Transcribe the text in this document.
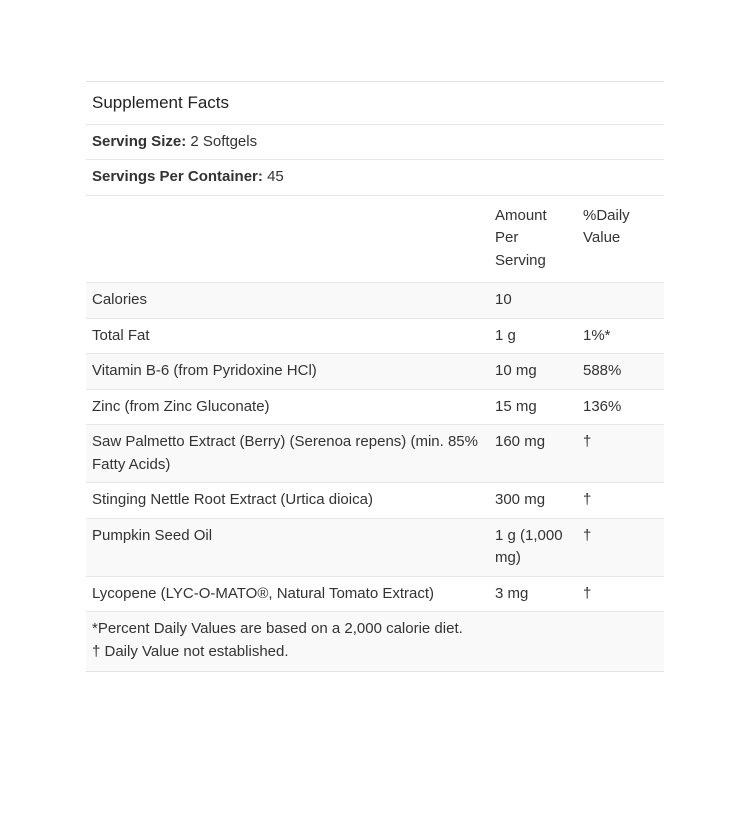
Supplement Facts		
Serving Size: 2 Softgels		
Servings Per Container: 45		
	Amount Per Serving	%Daily Value
Calories	10	
Total Fat	1 g	1%*
Vitamin B-6 (from Pyridoxine HCl)	10 mg	588%
Zinc (from Zinc Gluconate)	15 mg	136%
Saw Palmetto Extract (Berry) (Serenoa repens) (min. 85% Fatty Acids)	160 mg	†
Stinging Nettle Root Extract (Urtica dioica)	300 mg	†
Pumpkin Seed Oil	1 g (1,000 mg)	†
Lycopene (LYC-O-MATO®, Natural Tomato Extract)	3 mg	†

*Percent Daily Values are based on a 2,000 calorie diet.
† Daily Value not established.		
